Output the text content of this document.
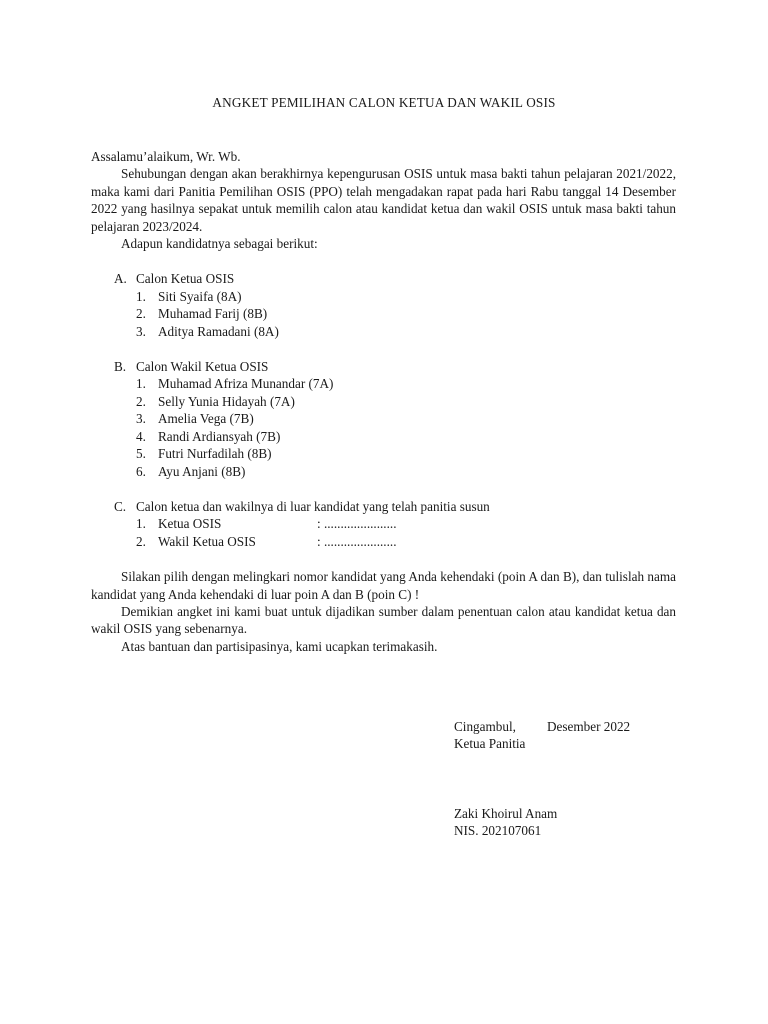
ANGKET PEMILIHAN CALON KETUA DAN WAKIL OSIS

Assalamu’alaikum, Wr. Wb.

Sehubungan dengan akan berakhirnya kepengurusan OSIS untuk masa bakti tahun pelajaran 2021/2022, maka kami dari Panitia Pemilihan OSIS (PPO) telah mengadakan rapat pada hari Rabu tanggal 14 Desember 2022 yang hasilnya sepakat untuk memilih calon atau kandidat ketua dan wakil OSIS untuk masa bakti tahun pelajaran 2023/2024.

Adapun kandidatnya sebagai berikut:

A. Calon Ketua OSIS
1. Siti Syaifa (8A)
2. Muhamad Farij (8B)
3. Aditya Ramadani (8A)
B. Calon Wakil Ketua OSIS
1. Muhamad Afriza Munandar (7A)
2. Selly Yunia Hidayah (7A)
3. Amelia Vega (7B)
4. Randi Ardiansyah (7B)
5. Futri Nurfadilah (8B)
6. Ayu Anjani (8B)
C. Calon ketua dan wakilnya di luar kandidat yang telah panitia susun
1. Ketua OSIS	: ......................
2. Wakil Ketua OSIS	: ......................

Silakan pilih dengan melingkari nomor kandidat yang Anda kehendaki (poin A dan B), dan tulislah nama kandidat yang Anda kehendaki di luar poin A dan B (poin C) !

Demikian angket ini kami buat untuk dijadikan sumber dalam penentuan calon atau kandidat ketua dan wakil OSIS yang sebenarnya.

Atas bantuan dan partisipasinya, kami ucapkan terimakasih.

Cingambul,	Desember 2022
Ketua Panitia
Zaki Khoirul Anam
NIS. 202107061
